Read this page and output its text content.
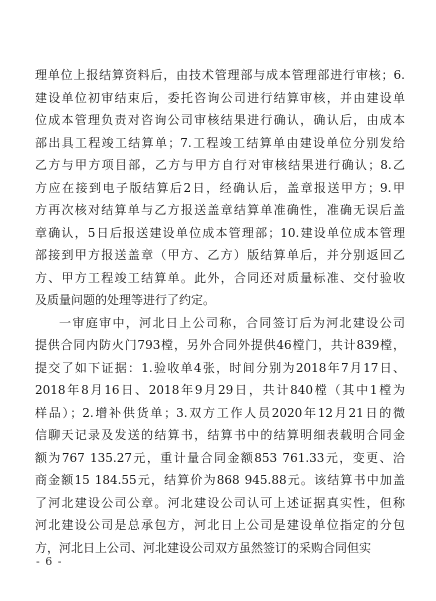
理单位上报结算资料后，由技术管理部与成本管理部进行审核；6.
建设单位初审结束后，委托咨询公司进行结算审核，并由建设单
位成本管理负责对咨询公司审核结果进行确认，确认后，由成本
部出具工程竣工结算单；7.工程竣工结算单由建设单位分别发给
乙方与甲方项目部，乙方与甲方自行对审核结果进行确认；8.乙
方应在接到电子版结算后2日，经确认后，盖章报送甲方；9.甲
方再次核对结算单与乙方报送盖章结算单准确性，准确无误后盖
章确认，5日后报送建设单位成本管理部；10.建设单位成本管理
部接到甲方报送盖章（甲方、乙方）版结算单后，并分别返回乙
方、甲方工程竣工结算单。此外，合同还对质量标准、交付验收
及质量问题的处理等进行了约定。
一审庭审中，河北日上公司称，合同签订后为河北建设公司
提供合同内防火门793樘，另外合同外提供46樘门，共计839樘，
提交了如下证据：1.验收单4张，时间分别为2018年7月17日、
2018年8月16日、2018年9月29日，共计840樘（其中1樘为
样品）；2.增补供货单；3.双方工作人员2020年12月21日的微
信聊天记录及发送的结算书，结算书中的结算明细表载明合同金
额为767 135.27元，重计量合同金额853 761.33元，变更、洽
商金额15 184.55元，结算价为868 945.88元。该结算书中加盖
了河北建设公司公章。河北建设公司认可上述证据真实性，但称
河北建设公司是总承包方，河北日上公司是建设单位指定的分包
方，河北日上公司、河北建设公司双方虽然签订的采购合同但实
- 6 -
